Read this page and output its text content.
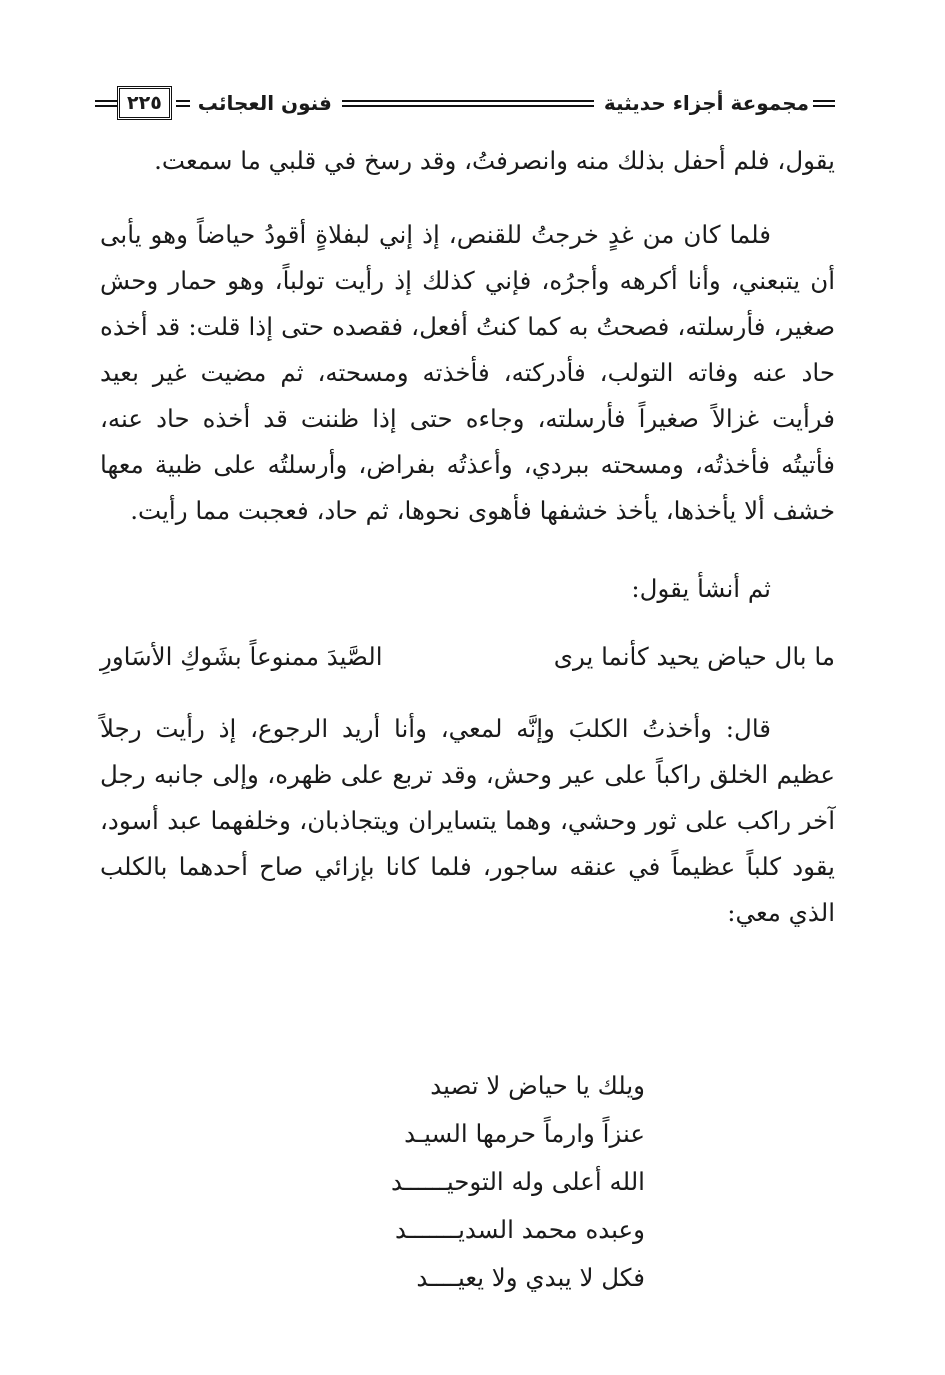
مجموعة أجزاء حديثية
فنون العجائب
٢٢٥

يقول، فلم أحفل بذلك منه وانصرفتُ، وقد رسخ في قلبي ما سمعت.

فلما كان من غدٍ خرجتُ للقنص، إذ إني لبفلاةٍ أقودُ حياضاً وهو يأبى أن يتبعني، وأنا أكرهه وأجرُه، فإني كذلك إذ رأيت تولباً، وهو حمار وحش صغير، فأرسلته، فصحتُ به كما كنتُ أفعل، فقصده حتى إذا قلت: قد أخذه حاد عنه وفاته التولب، فأدركته، فأخذته ومسحته، ثم مضيت غير بعيد فرأيت غزالاً صغيراً فأرسلته، وجاءه حتى إذا ظننت قد أخذه حاد عنه، فأتيتُه فأخذتُه، ومسحته ببردي، وأعذتُه بفراض، وأرسلتُه على ظبية معها خشف ألا يأخذها، يأخذ خشفها فأهوى نحوها، ثم حاد، فعجبت مما رأيت.

ثم أنشأ يقول:

ما بال حياض يحيد كأنما يرى
الصَّيدَ ممنوعاً بشَوكِ الأسَاورِ

قال: وأخذتُ الكلبَ وإنَّه لمعي، وأنا أريد الرجوع، إذ رأيت رجلاً عظيم الخلق راكباً على عير وحش، وقد تربع على ظهره، وإلى جانبه رجل آخر راكب على ثور وحشي، وهما يتسايران ويتجاذبان، وخلفهما عبد أسود، يقود كلباً عظيماً في عنقه ساجور، فلما كانا بإزائي صاح أحدهما بالكلب الذي معي:

ويلك يا حياض لا تصيد
عنزاً وارماً حرمها السيـد
الله أعلى وله التوحيــــــد
وعبده محمد السديـــــــد
فكل لا يبدي ولا يعيــــد
